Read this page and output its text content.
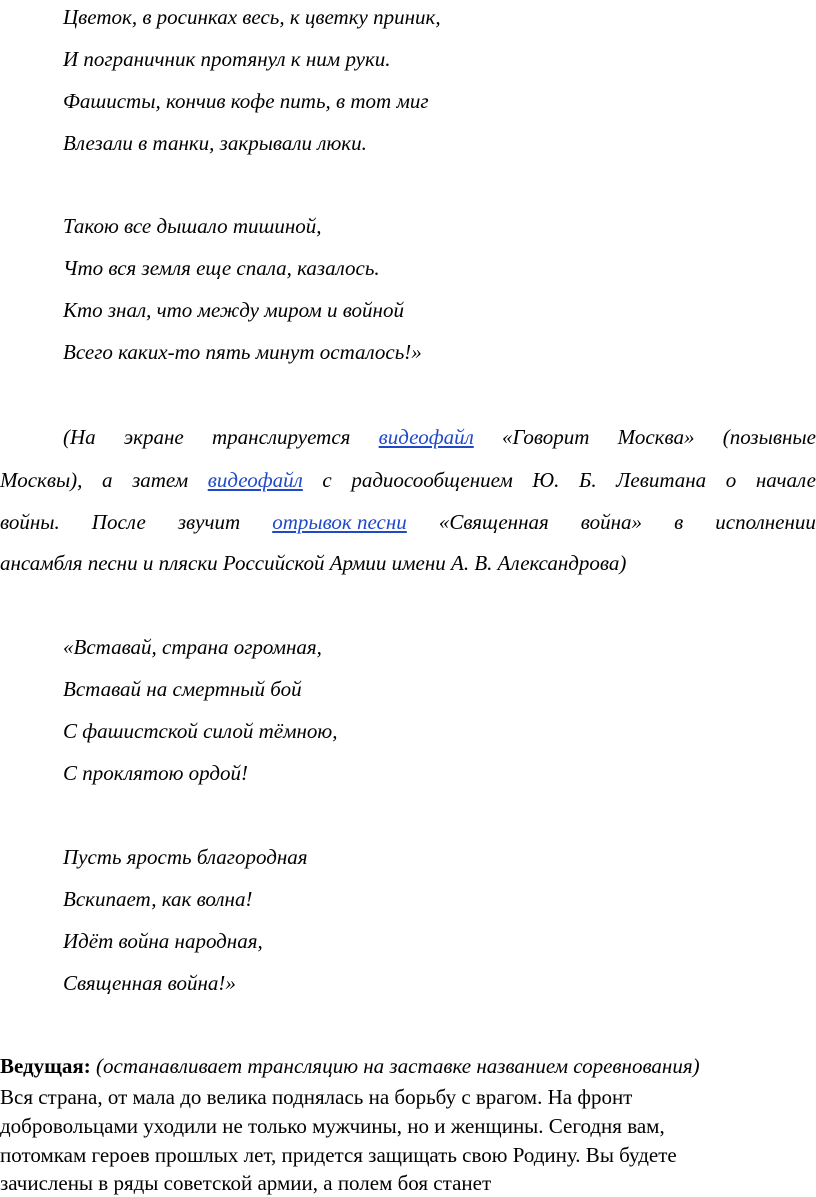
Цветок, в росинках весь, к цветку приник,
И пограничник протянул к ним руки.
Фашисты, кончив кофе пить, в тот миг
Влезали в танки, закрывали люки.
Такою все дышало тишиной,
Что вся земля еще спала, казалось.
Кто знал, что между миром и войной
Всего каких-то пять минут осталось!»
(На экране транслируется видеофайл «Говорит Москва» (позывные
Москвы), а затем видеофайл с радиосообщением Ю. Б. Левитана о начале
войны. После звучит отрывок песни «Священная война» в исполнении
ансамбля песни и пляски Российской Армии имени А. В. Александрова)
«Вставай, страна огромная,
Вставай на смертный бой
С фашистской силой тёмною,
С проклятою ордой!
Пусть ярость благородная
Вскипает, как волна!
Идёт война народная,
Священная война!»
Ведущая: (останавливает трансляцию на заставке названием соревнования)
Вся страна, от мала до велика поднялась на борьбу с врагом. На фронт
добровольцами уходили не только мужчины, но и женщины. Сегодня вам,
потомкам героев прошлых лет, придется защищать свою Родину. Вы будете
зачислены в ряды советской армии, а полем боя станет
